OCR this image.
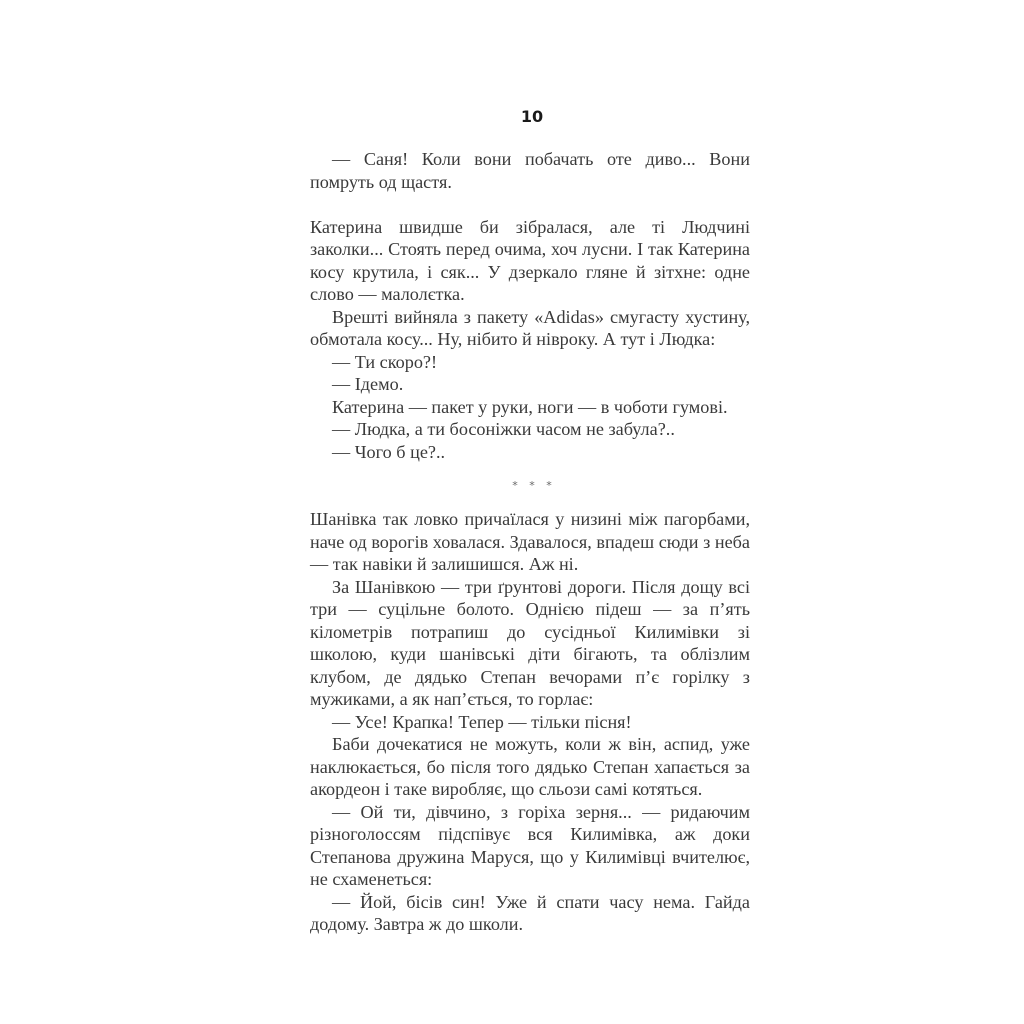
10

— Саня! Коли вони побачать оте диво... Вони помруть од щастя.

Катерина швидше би зібралася, але ті Людчині заколки... Стоять перед очима, хоч лусни. І так Катерина косу крутила, і сяк... У дзеркало гляне й зітхне: одне слово — малолєтка.

Врешті вийняла з пакету «Adidas» смугасту хустину, обмотала косу... Ну, нібито й нівроку. А тут і Людка:

— Ти скоро?!

— Ідемо.

Катерина — пакет у руки, ноги — в чоботи гумові.

— Людка, а ти босоніжки часом не забула?..

— Чого б це?..

* * *

Шанівка так ловко причаїлася у низині між пагорбами, наче од ворогів ховалася. Здавалося, впадеш сюди з неба — так навіки й залишишся. Аж ні.

За Шанівкою — три ґрунтові дороги. Після дощу всі три — суцільне болото. Однією підеш — за п’ять кілометрів потрапиш до сусідньої Килимівки зі школою, куди шанівські діти бігають, та облізлим клубом, де дядько Степан вечорами п’є горілку з мужиками, а як нап’ється, то горлає:

— Усе! Крапка! Тепер — тільки пісня!

Баби дочекатися не можуть, коли ж він, аспид, уже наклюкається, бо після того дядько Степан хапається за акордеон і таке виробляє, що сльози самі котяться.

— Ой ти, дівчино, з горіха зерня... — ридаючим різноголоссям підспівує вся Килимівка, аж доки Степанова дружина Маруся, що у Килимівці вчителює, не схаменеться:

— Йой, бісів син! Уже й спати часу нема. Гайда додому. Завтра ж до школи.
